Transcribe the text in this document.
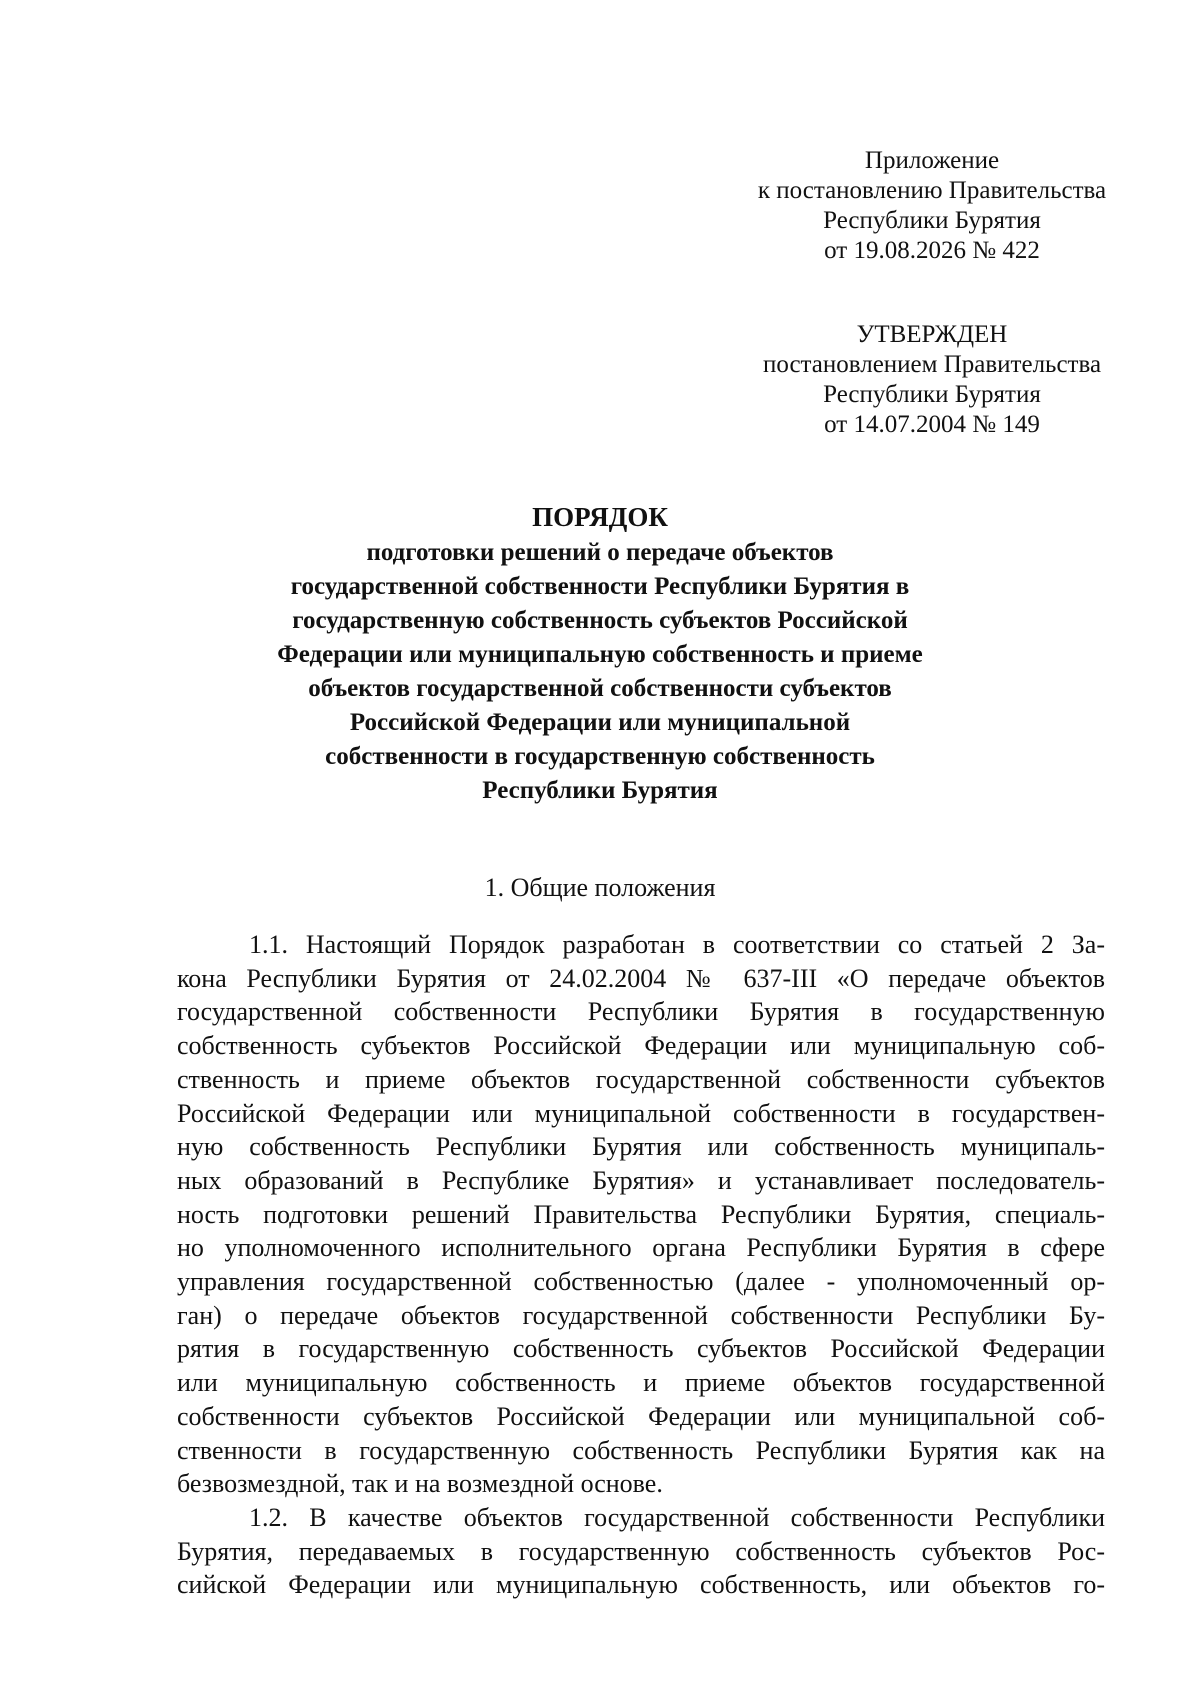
Приложение
к постановлению Правительства
Республики Бурятия
от 19.08.2026 № 422
УТВЕРЖДЕН
постановлением Правительства
Республики Бурятия
от 14.07.2004 № 149
ПОРЯДОК
подготовки решений о передаче объектов
государственной собственности Республики Бурятия в
государственную собственность субъектов Российской
Федерации или муниципальную собственность и приеме
объектов государственной собственности субъектов
Российской Федерации или муниципальной
собственности в государственную собственность
Республики Бурятия
1. Общие положения
1.1. Настоящий Порядок разработан в соответствии со статьей 2 За-
кона Республики Бурятия от 24.02.2004 № 637-III «О передаче объектов
государственной собственности Республики Бурятия в государственную
собственность субъектов Российской Федерации или муниципальную соб-
ственность и приеме объектов государственной собственности субъектов
Российской Федерации или муниципальной собственности в государствен-
ную собственность Республики Бурятия или собственность муниципаль-
ных образований в Республике Бурятия» и устанавливает последователь-
ность подготовки решений Правительства Республики Бурятия, специаль-
но уполномоченного исполнительного органа Республики Бурятия в сфере
управления государственной собственностью (далее - уполномоченный ор-
ган) о передаче объектов государственной собственности Республики Бу-
рятия в государственную собственность субъектов Российской Федерации
или муниципальную собственность и приеме объектов государственной
собственности субъектов Российской Федерации или муниципальной соб-
ственности в государственную собственность Республики Бурятия как на
безвозмездной, так и на возмездной основе.
1.2. В качестве объектов государственной собственности Республики
Бурятия, передаваемых в государственную собственность субъектов Рос-
сийской Федерации или муниципальную собственность, или объектов го-
